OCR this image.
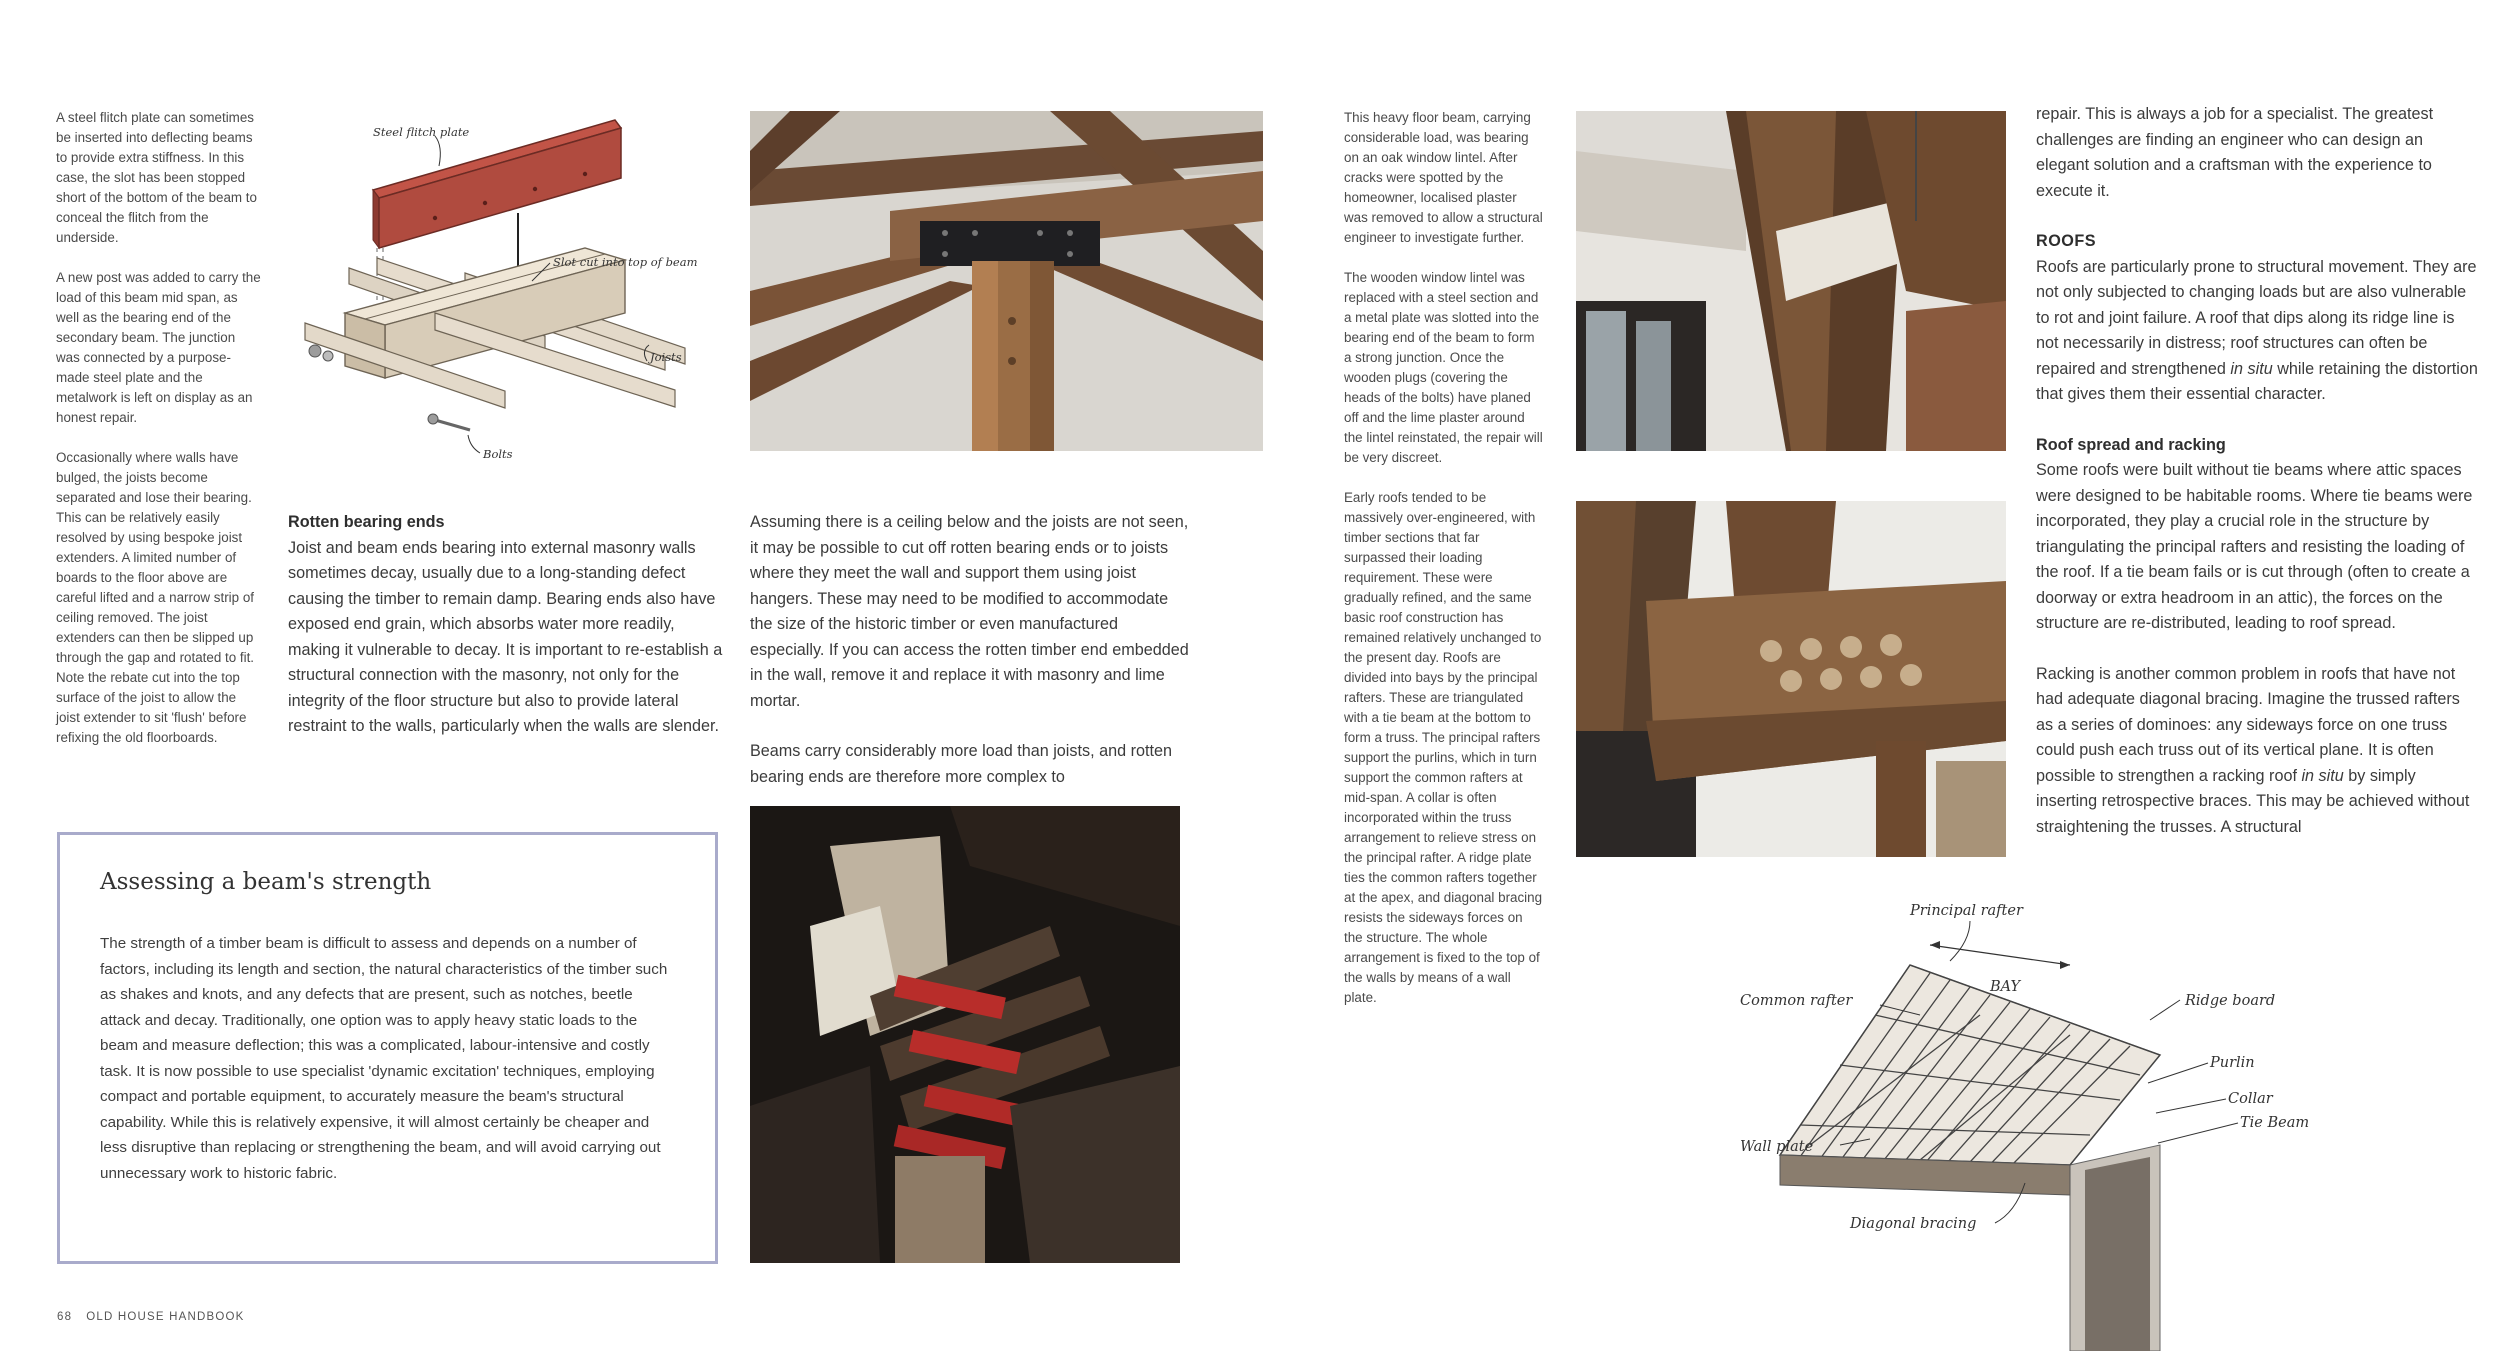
A steel flitch plate can sometimes be inserted into deflecting beams to provide extra stiffness. In this case, the slot has been stopped short of the bottom of the beam to conceal the flitch from the underside.

A new post was added to carry the load of this beam mid span, as well as the bearing end of the secondary beam. The junction was connected by a purpose-made steel plate and the metalwork is left on display as an honest repair.

Occasionally where walls have bulged, the joists become separated and lose their bearing. This can be relatively easily resolved by using bespoke joist extenders. A limited number of boards to the floor above are careful lifted and a narrow strip of ceiling removed. The joist extenders can then be slipped up through the gap and rotated to fit. Note the rebate cut into the top surface of the joist to allow the joist extender to sit 'flush' before refixing the old floorboards.

Steel flitch plate
Slot cut into top of beam
Joists
Bolts

Rotten bearing ends

Joist and beam ends bearing into external masonry walls sometimes decay, usually due to a long-standing defect causing the timber to remain damp. Bearing ends also have exposed end grain, which absorbs water more readily, making it vulnerable to decay. It is important to re-establish a structural connection with the masonry, not only for the integrity of the floor structure but also to provide lateral restraint to the walls, particularly when the walls are slender.

Assuming there is a ceiling below and the joists are not seen, it may be possible to cut off rotten bearing ends or to joists where they meet the wall and support them using joist hangers. These may need to be modified to accommodate the size of the historic timber or even manufactured especially. If you can access the rotten timber end embedded in the wall, remove it and replace it with masonry and lime mortar.

Beams carry considerably more load than joists, and rotten bearing ends are therefore more complex to

Assessing a beam's strength

The strength of a timber beam is difficult to assess and depends on a number of factors, including its length and section, the natural characteristics of the timber such as shakes and knots, and any defects that are present, such as notches, beetle attack and decay. Traditionally, one option was to apply heavy static loads to the beam and measure deflection; this was a complicated, labour-intensive and costly task. It is now possible to use specialist 'dynamic excitation' techniques, employing compact and portable equipment, to accurately measure the beam's structural capability. While this is relatively expensive, it will almost certainly be cheaper and less disruptive than replacing or strengthening the beam, and will avoid carrying out unnecessary work to historic fabric.

This heavy floor beam, carrying considerable load, was bearing on an oak window lintel. After cracks were spotted by the homeowner, localised plaster was removed to allow a structural engineer to investigate further.

The wooden window lintel was replaced with a steel section and a metal plate was slotted into the bearing end of the beam to form a strong junction. Once the wooden plugs (covering the heads of the bolts) have planed off and the lime plaster around the lintel reinstated, the repair will be very discreet.

Early roofs tended to be massively over-engineered, with timber sections that far surpassed their loading requirement. These were gradually refined, and the same basic roof construction has remained relatively unchanged to the present day. Roofs are divided into bays by the principal rafters. These are triangulated with a tie beam at the bottom to form a truss. The principal rafters support the purlins, which in turn support the common rafters at mid-span. A collar is often incorporated within the truss arrangement to relieve stress on the principal rafter. A ridge plate ties the common rafters together at the apex, and diagonal bracing resists the sideways forces on the structure. The whole arrangement is fixed to the top of the walls by means of a wall plate.

repair. This is always a job for a specialist. The greatest challenges are finding an engineer who can design an elegant solution and a craftsman with the experience to execute it.

ROOFS

Roofs are particularly prone to structural movement. They are not only subjected to changing loads but are also vulnerable to rot and joint failure. A roof that dips along its ridge line is not necessarily in distress; roof structures can often be repaired and strengthened in situ while retaining the distortion that gives them their essential character.

Roof spread and racking

Some roofs were built without tie beams where attic spaces were designed to be habitable rooms. Where tie beams were incorporated, they play a crucial role in the structure by triangulating the principal rafters and resisting the loading of the roof. If a tie beam fails or is cut through (often to create a doorway or extra headroom in an attic), the forces on the structure are re-distributed, leading to roof spread.

Racking is another common problem in roofs that have not had adequate diagonal bracing. Imagine the trussed rafters as a series of dominoes: any sideways force on one truss could push each truss out of its vertical plane. It is often possible to strengthen a racking roof in situ by simply inserting retrospective braces. This may be achieved without straightening the trusses. A structural

Principal rafter
BAY
Common rafter	Ridge board
Purlin
Collar
Tie Beam
Wall plate
Diagonal bracing
68 OLD HOUSE HANDBOOK
